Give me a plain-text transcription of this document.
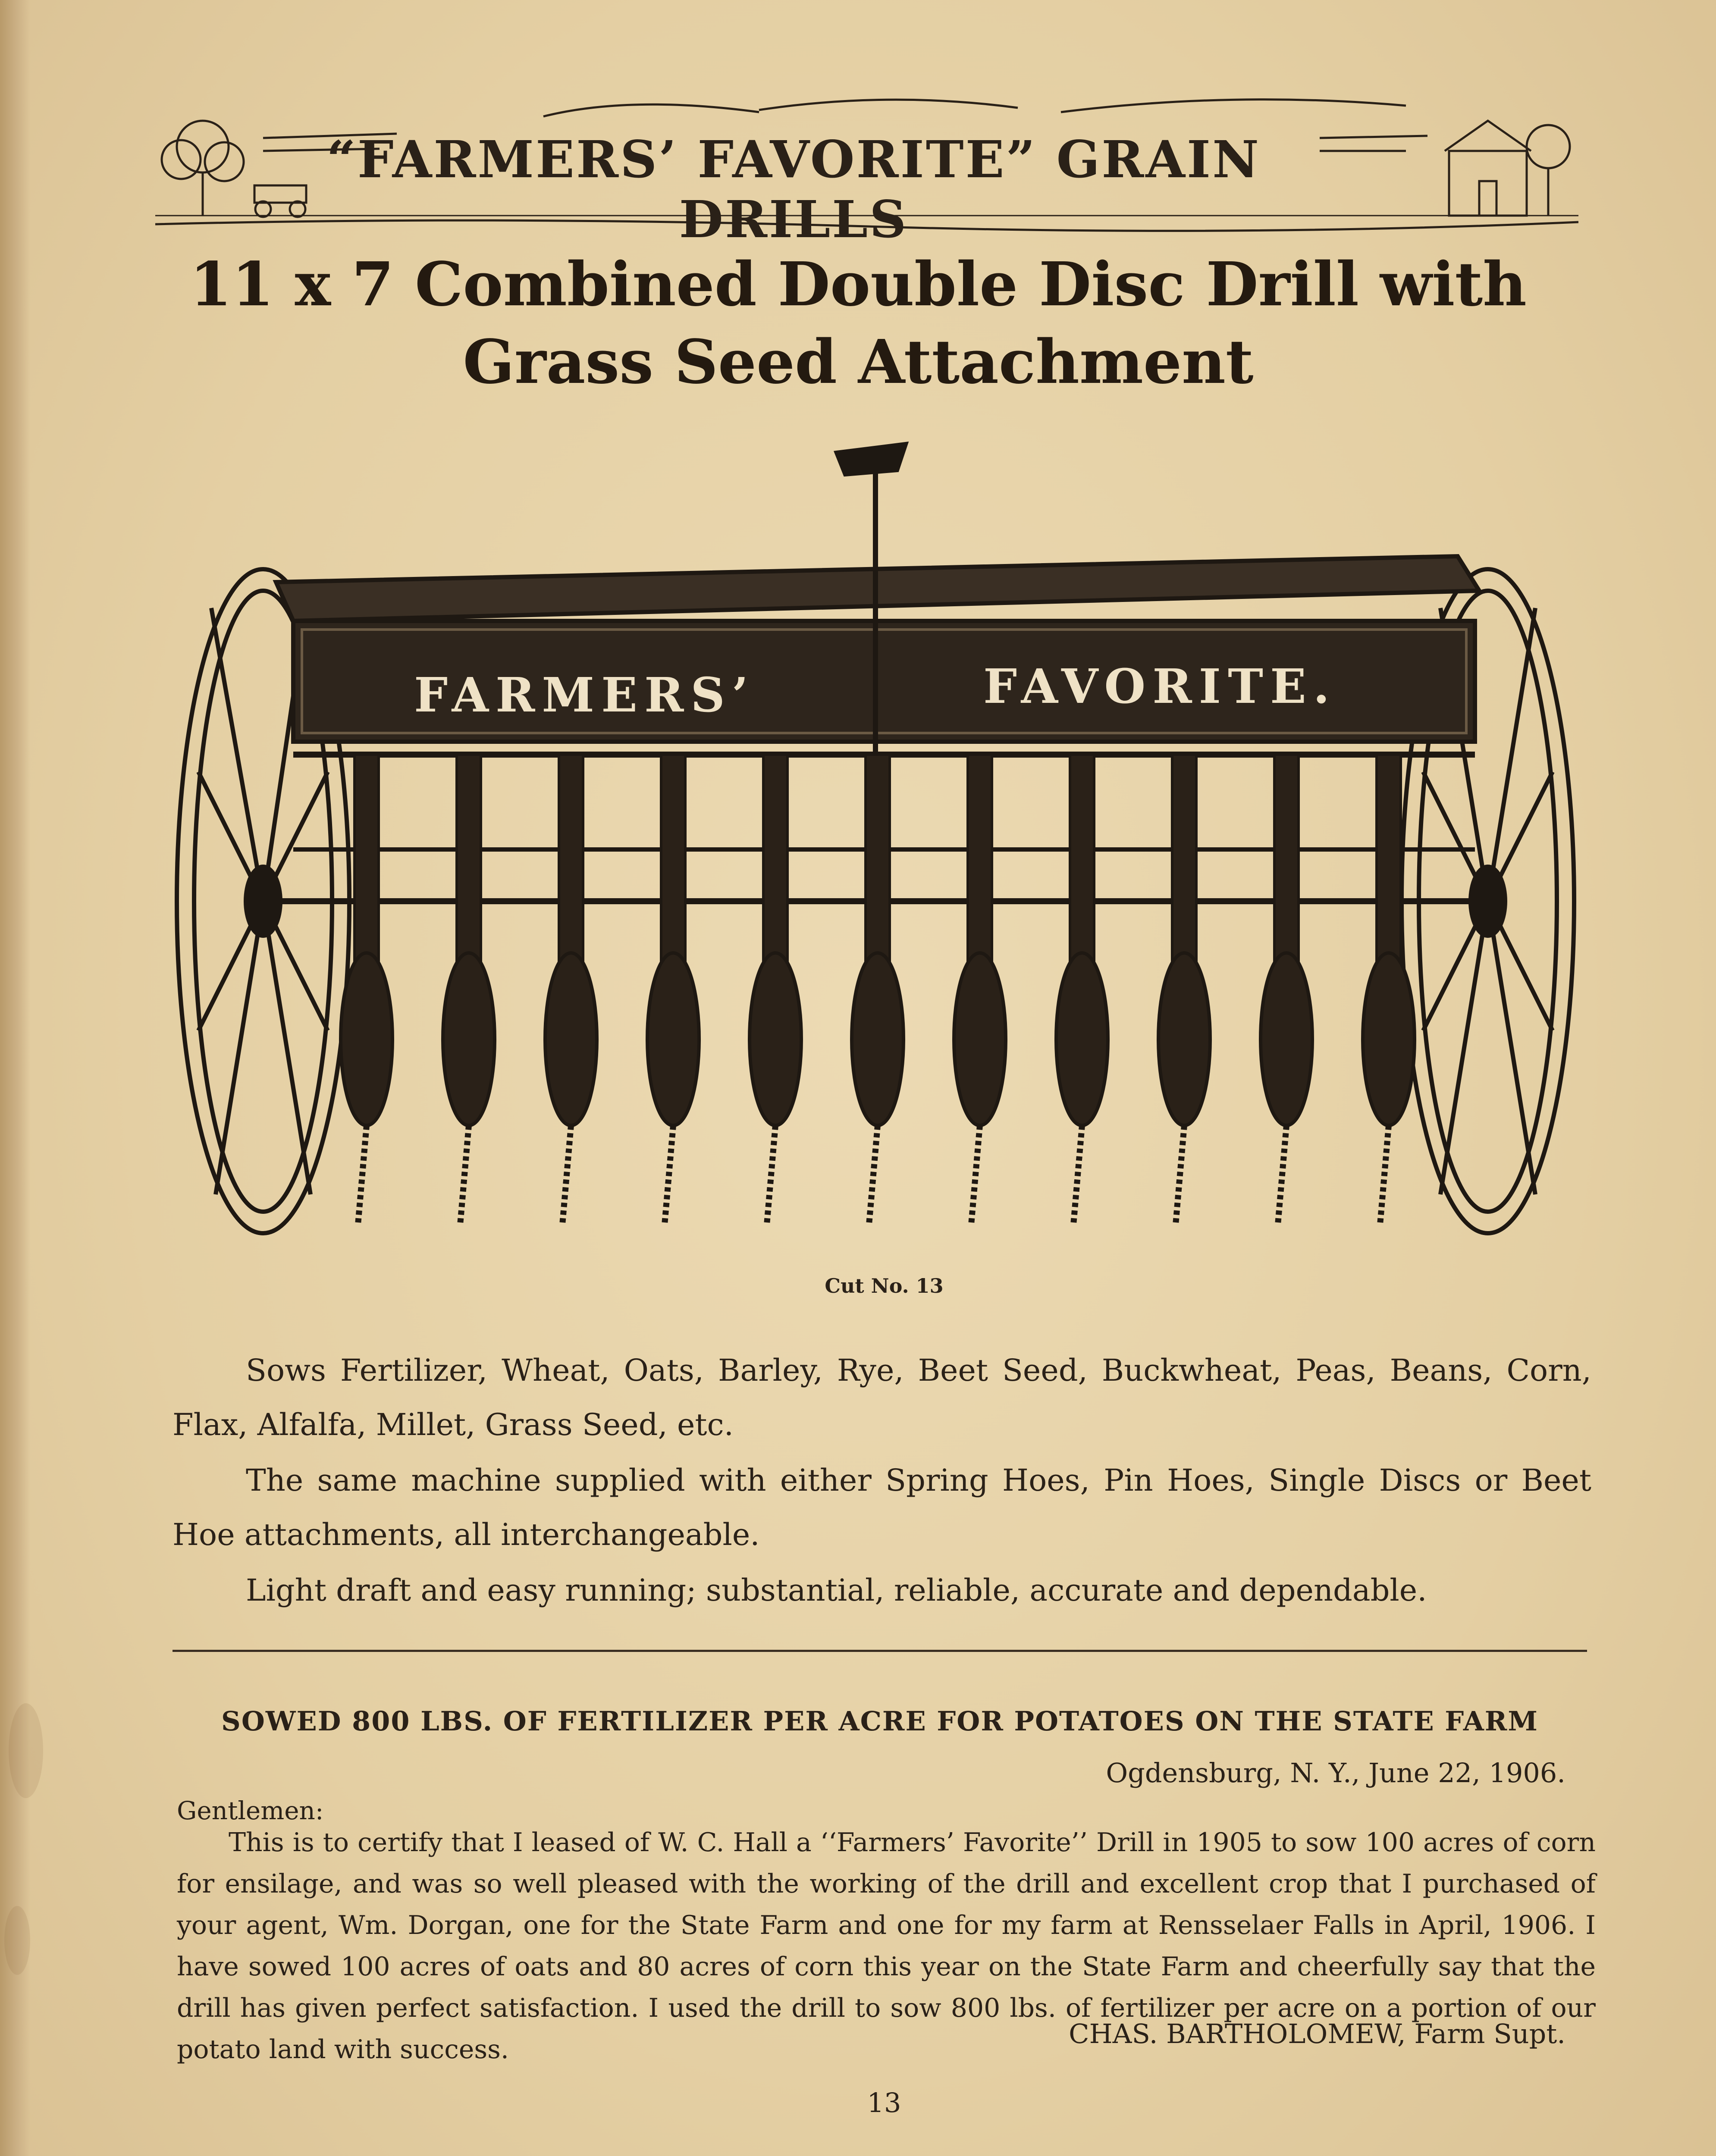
“FARMERS’ FAVORITE” GRAIN DRILLS
11 x 7 Combined Double Disc Drill with
Grass Seed Attachment
FARMERS’	FAVORITE.
Cut No. 13
Sows Fertilizer, Wheat, Oats, Barley, Rye, Beet Seed, Buckwheat, Peas, Beans, Corn, Flax, Alfalfa, Millet, Grass Seed, etc.
The same machine supplied with either Spring Hoes, Pin Hoes, Single Discs or Beet Hoe attachments, all interchangeable.
Light draft and easy running; substantial, reliable, accurate and dependable.
SOWED 800 LBS. OF FERTILIZER PER ACRE FOR POTATOES ON THE STATE FARM
Ogdensburg, N. Y., June 22, 1906.
Gentlemen:
This is to certify that I leased of W. C. Hall a ‘‘Farmers’ Favorite’’ Drill in 1905 to sow 100 acres of corn for ensilage, and was so well pleased with the working of the drill and excellent crop that I purchased of your agent, Wm. Dorgan, one for the State Farm and one for my farm at Rensselaer Falls in April, 1906. I have sowed 100 acres of oats and 80 acres of corn this year on the State Farm and cheerfully say that the drill has given perfect satisfaction. I used the drill to sow 800 lbs. of fertilizer per acre on a portion of our potato land with success.	CHAS. BARTHOLOMEW, Farm Supt.
13
